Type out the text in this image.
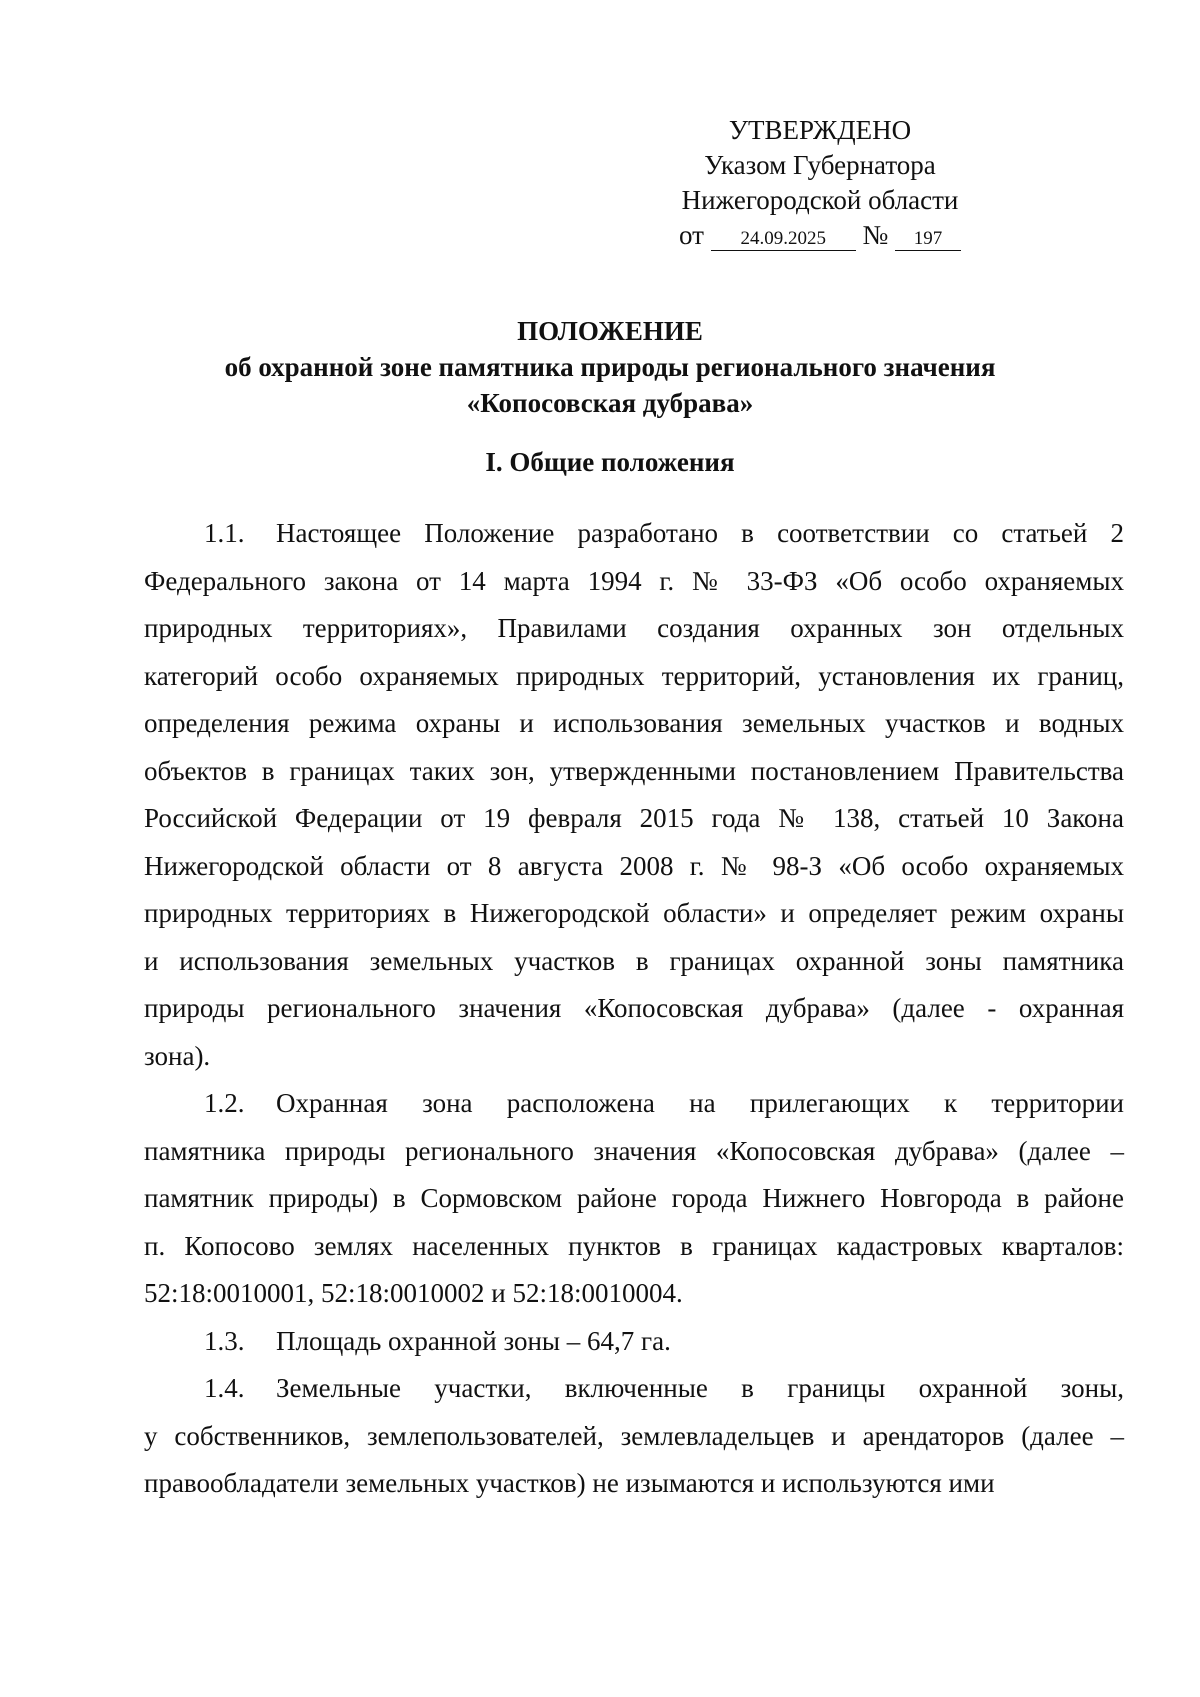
УТВЕРЖДЕНО
Указом Губернатора
Нижегородской области
от 24.09.2025 № 197
ПОЛОЖЕНИЕ
об охранной зоне памятника природы регионального значения
«Копосовская дубрава»
I. Общие положения
1.1.	Настоящее Положение разработано в соответствии со статьей 2
Федерального закона от 14 марта 1994 г. № 33-ФЗ «Об особо охраняемых
природных территориях», Правилами создания охранных зон отдельных
категорий особо охраняемых природных территорий, установления их границ,
определения режима охраны и использования земельных участков и водных
объектов в границах таких зон, утвержденными постановлением Правительства
Российской Федерации от 19 февраля 2015 года № 138, статьей 10 Закона
Нижегородской области от 8 августа 2008 г. № 98-З «Об особо охраняемых
природных территориях в Нижегородской области» и определяет режим охраны
и использования земельных участков в границах охранной зоны памятника
природы регионального значения «Копосовская дубрава» (далее - охранная
зона).
1.2.	Охранная зона расположена на прилегающих к территории
памятника природы регионального значения «Копосовская дубрава» (далее –
памятник природы) в Сормовском районе города Нижнего Новгорода в районе
п. Копосово землях населенных пунктов в границах кадастровых кварталов:
52:18:0010001, 52:18:0010002 и 52:18:0010004.
1.3. Площадь охранной зоны – 64,7 га.
1.4.	Земельные участки, включенные в границы охранной зоны,
у собственников, землепользователей, землевладельцев и арендаторов (далее –
правообладатели земельных участков) не изымаются и используются ими
